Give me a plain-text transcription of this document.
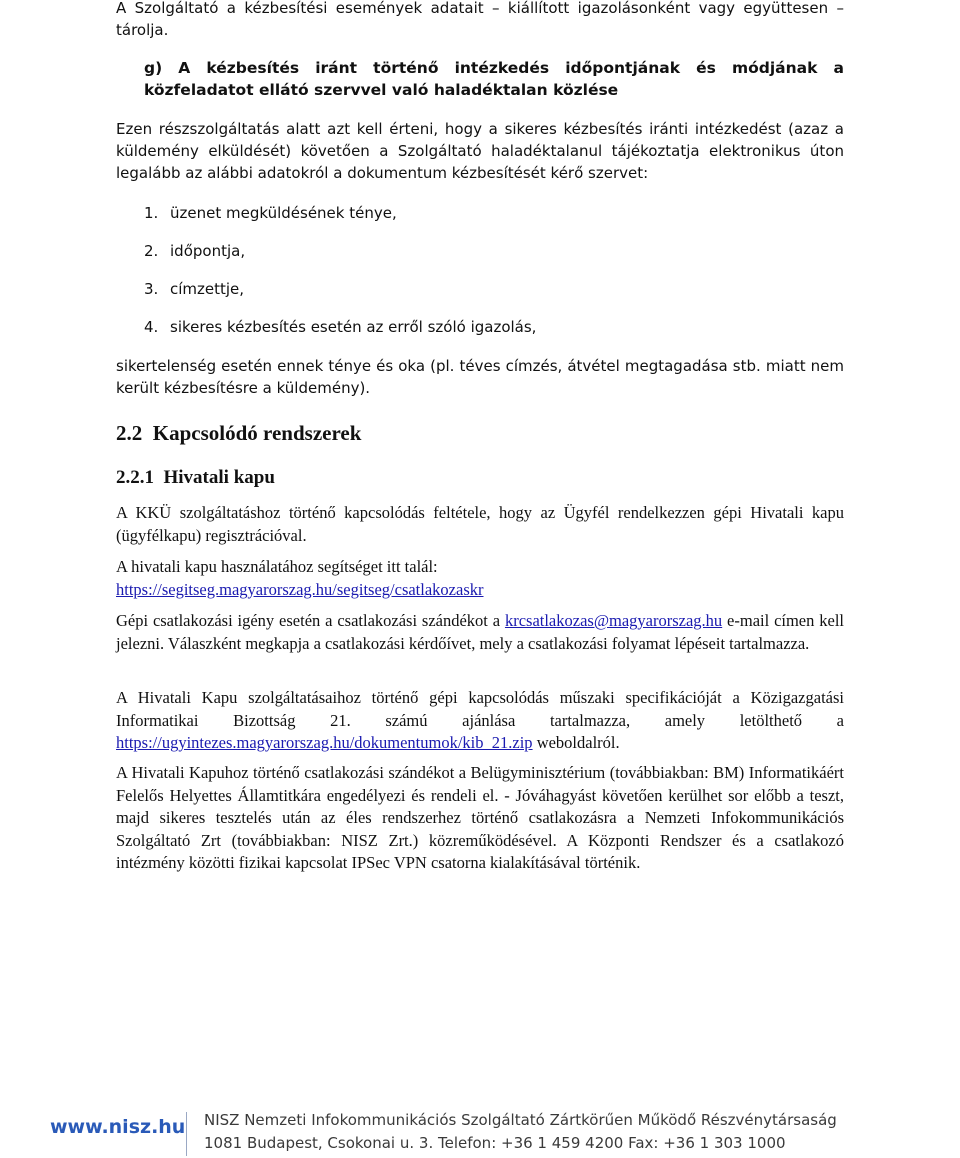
A Szolgáltató a kézbesítési események adatait – kiállított igazolásonként vagy együttesen – tárolja.

g) A kézbesítés iránt történő intézkedés időpontjának és módjának a közfeladatot ellátó szervvel való haladéktalan közlése

Ezen részszolgáltatás alatt azt kell érteni, hogy a sikeres kézbesítés iránti intézkedést (azaz a küldemény elküldését) követően a Szolgáltató haladéktalanul tájékoztatja elektronikus úton legalább az alábbi adatokról a dokumentum kézbesítését kérő szervet:

1. üzenet megküldésének ténye,

2. időpontja,

3. címzettje,

4. sikeres kézbesítés esetén az erről szóló igazolás,

sikertelenség esetén ennek ténye és oka (pl. téves címzés, átvétel megtagadása stb. miatt nem került kézbesítésre a küldemény).

2.2  Kapcsolódó rendszerek
2.2.1  Hivatali kapu

A KKÜ szolgáltatáshoz történő kapcsolódás feltétele, hogy az Ügyfél rendelkezzen gépi Hivatali kapu (ügyfélkapu) regisztrációval.

A hivatali kapu használatához segítséget itt talál:
https://segitseg.magyarorszag.hu/segitseg/csatlakozaskr

Gépi csatlakozási igény esetén a csatlakozási szándékot a krcsatlakozas@magyarorszag.hu e-mail címen kell jelezni. Válaszként megkapja a csatlakozási kérdőívet, mely a csatlakozási folyamat lépéseit tartalmazza.

A Hivatali Kapu szolgáltatásaihoz történő gépi kapcsolódás műszaki specifikációját a Közigazgatási Informatikai Bizottság 21. számú ajánlása tartalmazza, amely letölthető a https://ugyintezes.magyarorszag.hu/dokumentumok/kib_21.zip weboldalról.

A Hivatali Kapuhoz történő csatlakozási szándékot a Belügyminisztérium (továbbiakban: BM) Informatikáért Felelős Helyettes Államtitkára engedélyezi és rendeli el. - Jóváhagyást követően kerülhet sor előbb a teszt, majd sikeres tesztelés után az éles rendszerhez történő csatlakozásra a Nemzeti Infokommunikációs Szolgáltató Zrt (továbbiakban: NISZ Zrt.) közreműködésével. A Központi Rendszer és a csatlakozó intézmény közötti fizikai kapcsolat IPSec VPN csatorna kialakításával történik.

www.nisz.hu NISZ Nemzeti Infokommunikációs Szolgáltató Zártkörűen Működő Részvénytársaság
1081 Budapest, Csokonai u. 3. Telefon: +36 1 459 4200 Fax: +36 1 303 1000
